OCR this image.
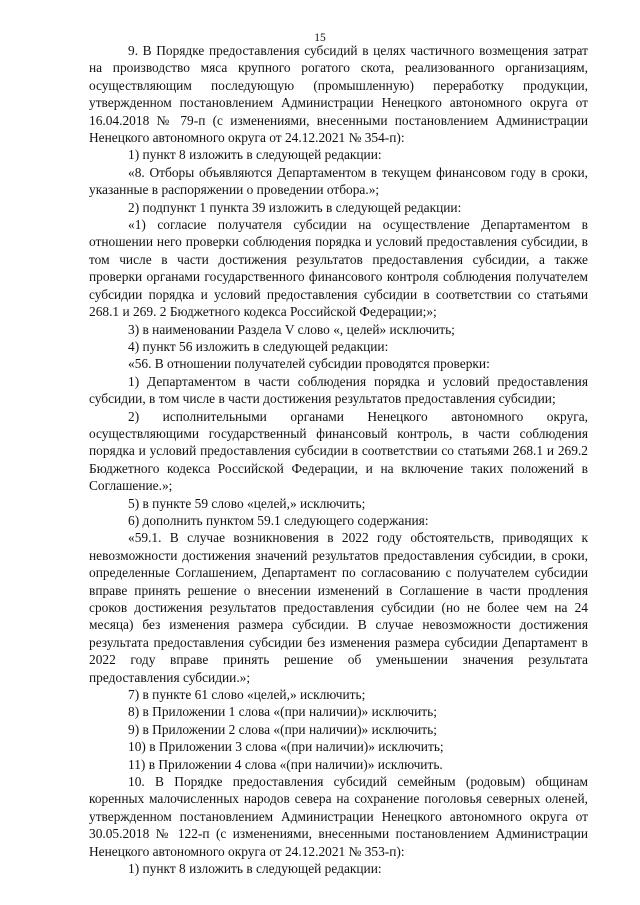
15

9. В Порядке предоставления субсидий в целях частичного возмещения затрат на производство мяса крупного рогатого скота, реализованного организациям, осуществляющим последующую (промышленную) переработку продукции, утвержденном постановлением Администрации Ненецкого автономного округа от 16.04.2018 № 79-п (с изменениями, внесенными постановлением Администрации Ненецкого автономного округа от 24.12.2021 № 354-п):

1) пункт 8 изложить в следующей редакции:

«8. Отборы объявляются Департаментом в текущем финансовом году в сроки, указанные в распоряжении о проведении отбора.»;

2) подпункт 1 пункта 39 изложить в следующей редакции:

«1) согласие получателя субсидии на осуществление Департаментом в отношении него проверки соблюдения порядка и условий предоставления субсидии, в том числе в части достижения результатов предоставления субсидии, а также проверки органами государственного финансового контроля соблюдения получателем субсидии порядка и условий предоставления субсидии в соответствии со статьями 268.1 и 269. 2 Бюджетного кодекса Российской Федерации;»;

3) в наименовании Раздела V слово «, целей» исключить;

4) пункт 56 изложить в следующей редакции:

«56. В отношении получателей субсидии проводятся проверки:

1) Департаментом в части соблюдения порядка и условий предоставления субсидии, в том числе в части достижения результатов предоставления субсидии;

2) исполнительными органами Ненецкого автономного округа, осуществляющими государственный финансовый контроль, в части соблюдения порядка и условий предоставления субсидии в соответствии со статьями 268.1 и 269.2 Бюджетного кодекса Российской Федерации, и на включение таких положений в Соглашение.»;

5) в пункте 59 слово «целей,» исключить;

6) дополнить пунктом 59.1 следующего содержания:

«59.1. В случае возникновения в 2022 году обстоятельств, приводящих к невозможности достижения значений результатов предоставления субсидии, в сроки, определенные Соглашением, Департамент по согласованию с получателем субсидии вправе принять решение о внесении изменений в Соглашение в части продления сроков достижения результатов предоставления субсидии (но не более чем на 24 месяца) без изменения размера субсидии. В случае невозможности достижения результата предоставления субсидии без изменения размера субсидии Департамент в 2022 году вправе принять решение об уменьшении значения результата предоставления субсидии.»;

7) в пункте 61 слово «целей,» исключить;

8) в Приложении 1 слова «(при наличии)» исключить;

9) в Приложении 2 слова «(при наличии)» исключить;

10) в Приложении 3 слова «(при наличии)» исключить;

11) в Приложении 4 слова «(при наличии)» исключить.

10. В Порядке предоставления субсидий семейным (родовым) общинам коренных малочисленных народов севера на сохранение поголовья северных оленей, утвержденном постановлением Администрации Ненецкого автономного округа от 30.05.2018 № 122-п (с изменениями, внесенными постановлением Администрации Ненецкого автономного округа от 24.12.2021 № 353-п):

1) пункт 8 изложить в следующей редакции:
